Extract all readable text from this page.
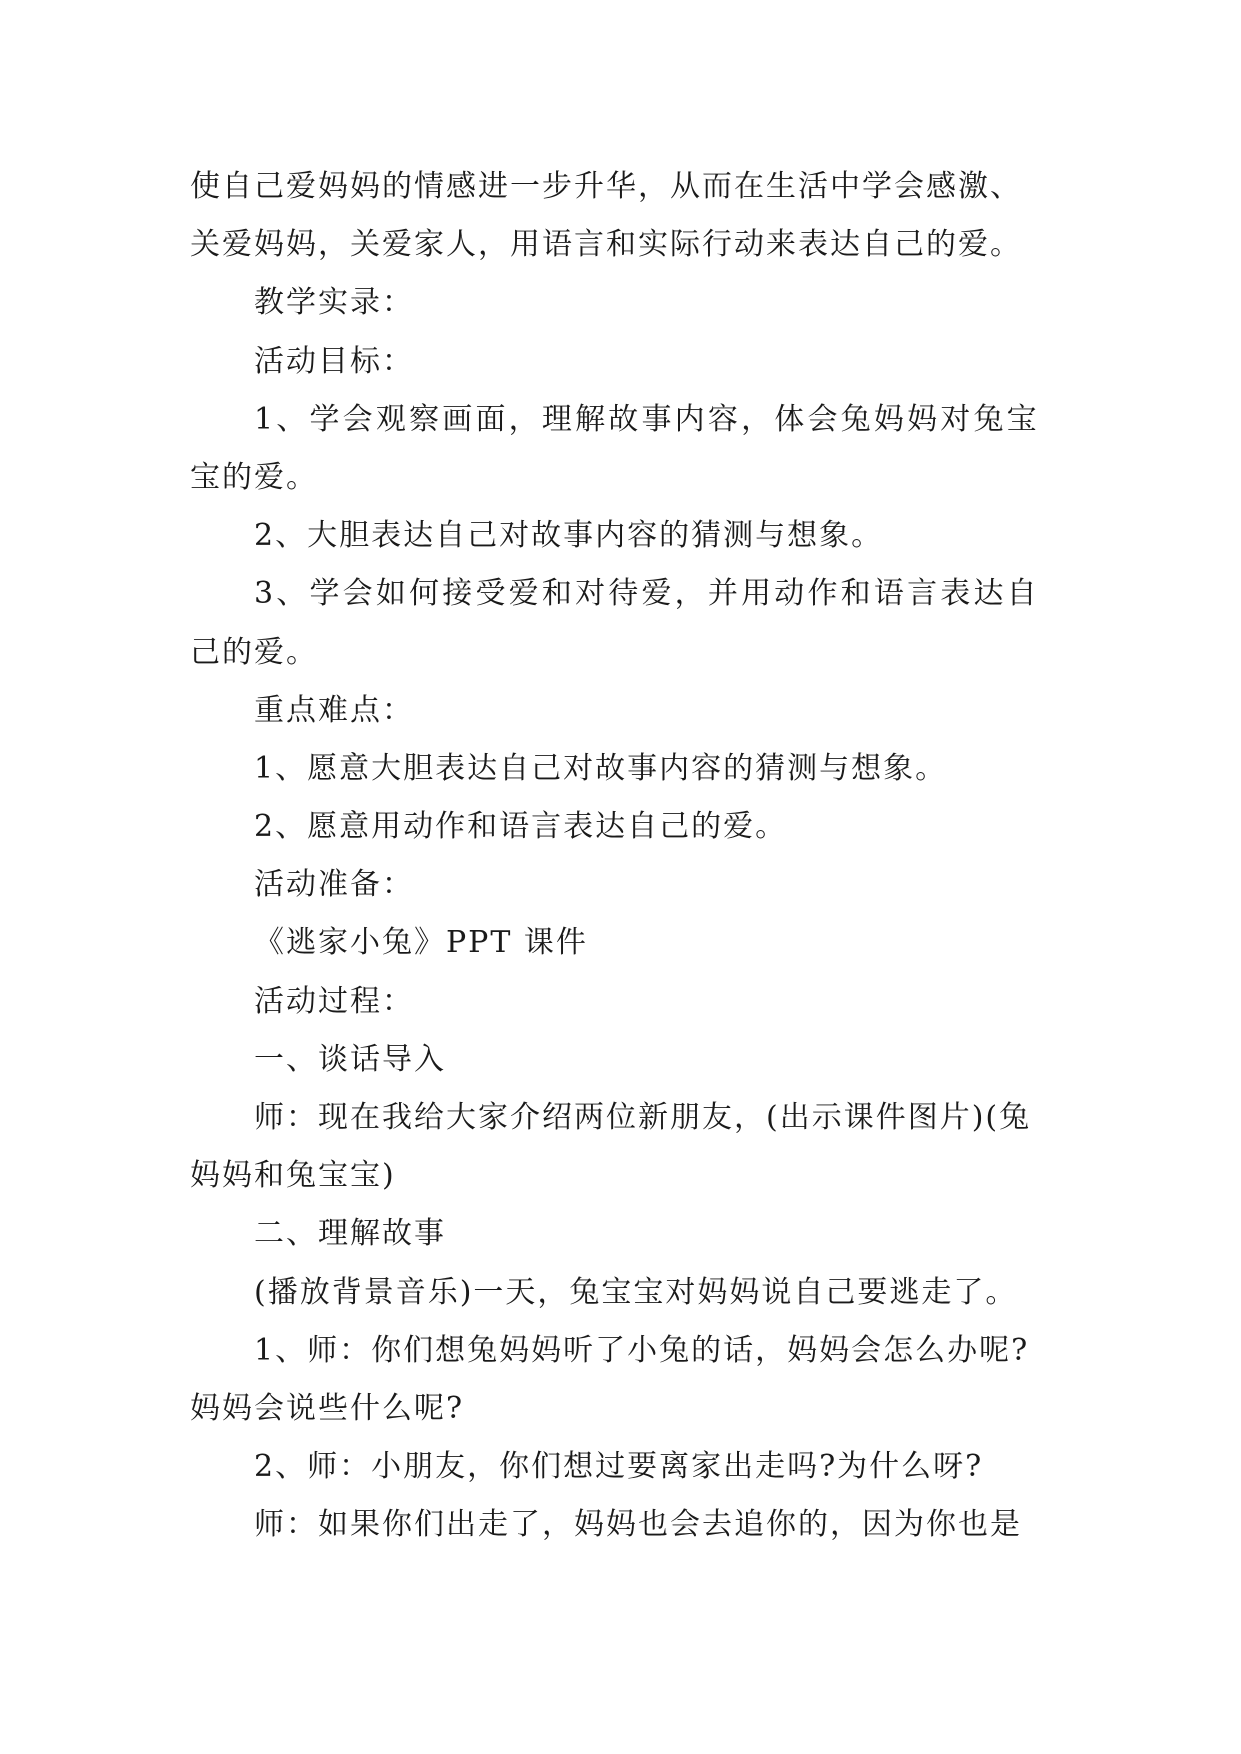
使自己爱妈妈的情感进一步升华，从而在生活中学会感激、
关爱妈妈，关爱家人，用语言和实际行动来表达自己的爱。
教学实录：
活动目标：
1、学会观察画面，理解故事内容，体会兔妈妈对兔宝
宝的爱。
2、大胆表达自己对故事内容的猜测与想象。
3、学会如何接受爱和对待爱，并用动作和语言表达自
己的爱。
重点难点：
1、愿意大胆表达自己对故事内容的猜测与想象。
2、愿意用动作和语言表达自己的爱。
活动准备：
《逃家小兔》PPT 课件
活动过程：
一、谈话导入
师：现在我给大家介绍两位新朋友，(出示课件图片)(兔
妈妈和兔宝宝)
二、理解故事
(播放背景音乐)一天，兔宝宝对妈妈说自己要逃走了。
1、师：你们想兔妈妈听了小兔的话，妈妈会怎么办呢?
妈妈会说些什么呢?
2、师：小朋友，你们想过要离家出走吗?为什么呀?
师：如果你们出走了，妈妈也会去追你的，因为你也是
